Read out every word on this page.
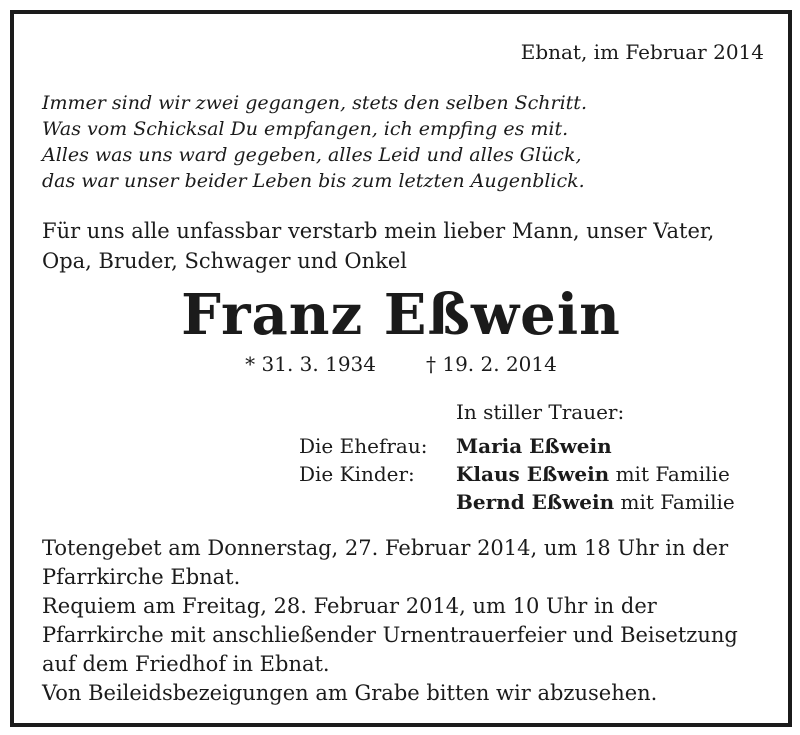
Ebnat, im Februar 2014
Immer sind wir zwei gegangen, stets den selben Schritt.
Was vom Schicksal Du empfangen, ich empfing es mit.
Alles was uns ward gegeben, alles Leid und alles Glück,
das war unser beider Leben bis zum letzten Augenblick.
Für uns alle unfassbar verstarb mein lieber Mann, unser Vater, Opa, Bruder, Schwager und Onkel
Franz Eßwein
* 31. 3. 1934	† 19. 2. 2014
In stiller Trauer:
Die Ehefrau: Maria Eßwein
Die Kinder: Klaus Eßwein mit Familie
Bernd Eßwein mit Familie
Totengebet am Donnerstag, 27. Februar 2014, um 18 Uhr in der Pfarrkirche Ebnat.
Requiem am Freitag, 28. Februar 2014, um 10 Uhr in der Pfarrkirche mit anschließender Urnentrauerfeier und Beisetzung auf dem Friedhof in Ebnat.
Von Beileidsbezeigungen am Grabe bitten wir abzusehen.
